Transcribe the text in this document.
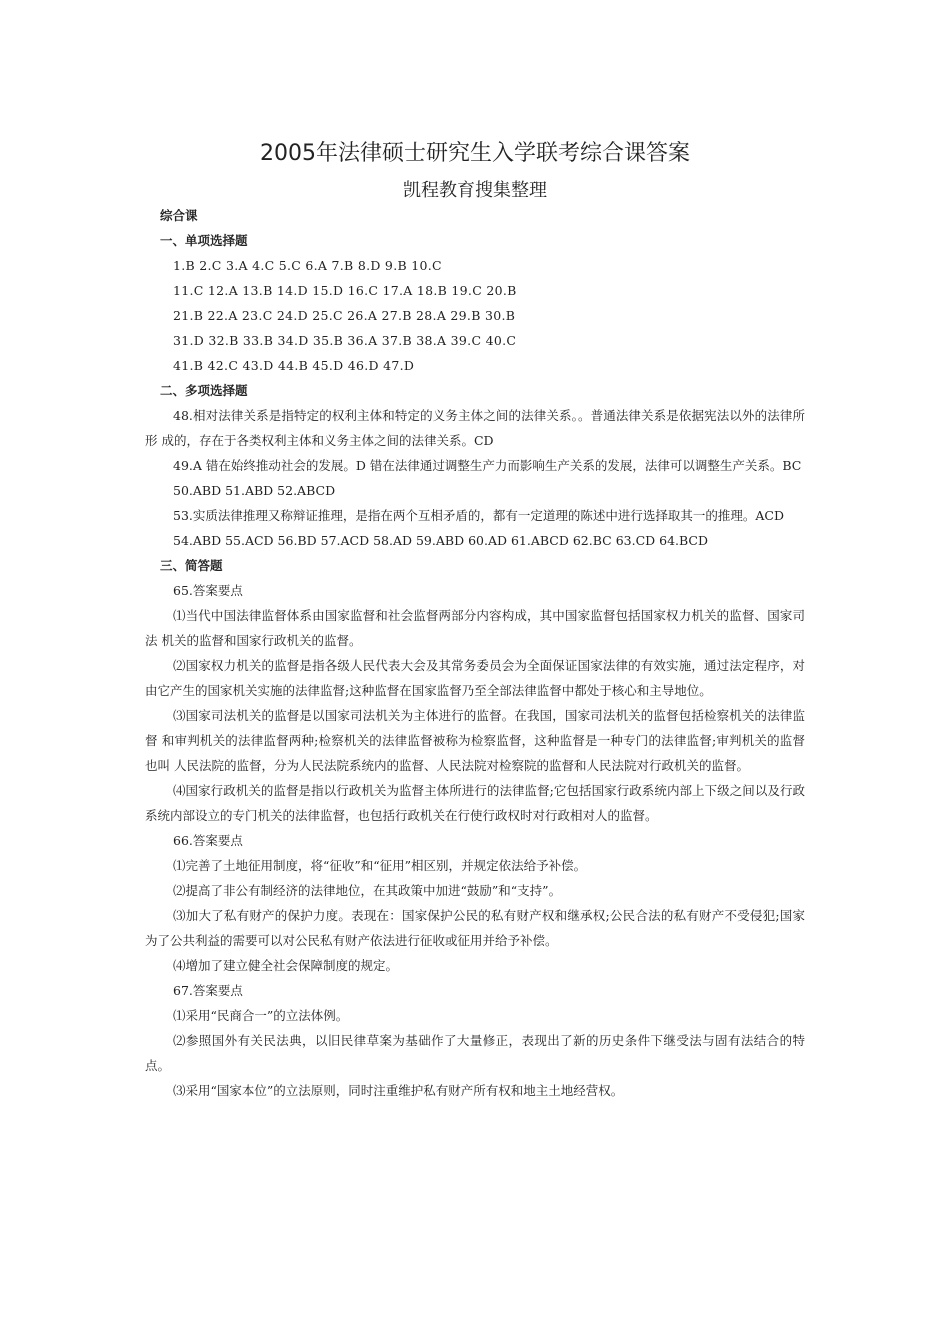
2005年法律硕士研究生入学联考综合课答案
凯程教育搜集整理
综合课
一、单项选择题
1.B 2.C 3.A 4.C 5.C 6.A 7.B 8.D 9.B 10.C
11.C 12.A 13.B 14.D 15.D 16.C 17.A 18.B 19.C 20.B
21.B 22.A 23.C 24.D 25.C 26.A 27.B 28.A 29.B 30.B
31.D 32.B 33.B 34.D 35.B 36.A 37.B 38.A 39.C 40.C
41.B 42.C 43.D 44.B 45.D 46.D 47.D
二、多项选择题
48.相对法律关系是指特定的权利主体和特定的义务主体之间的法律关系。。普通法律关系是依据宪法以外的法律所形 成的，存在于各类权利主体和义务主体之间的法律关系。CD
49.A 错在始终推动社会的发展。D 错在法律通过调整生产力而影响生产关系的发展，法律可以调整生产关系。BC
50.ABD 51.ABD 52.ABCD
53.实质法律推理又称辩证推理，是指在两个互相矛盾的，都有一定道理的陈述中进行选择取其一的推理。ACD
54.ABD 55.ACD 56.BD 57.ACD 58.AD 59.ABD 60.AD 61.ABCD 62.BC 63.CD 64.BCD
三、简答题
65.答案要点
⑴当代中国法律监督体系由国家监督和社会监督两部分内容构成，其中国家监督包括国家权力机关的监督、国家司法 机关的监督和国家行政机关的监督。
⑵国家权力机关的监督是指各级人民代表大会及其常务委员会为全面保证国家法律的有效实施，通过法定程序，对由它产生的国家机关实施的法律监督;这种监督在国家监督乃至全部法律监督中都处于核心和主导地位。
⑶国家司法机关的监督是以国家司法机关为主体进行的监督。在我国，国家司法机关的监督包括检察机关的法律监督 和审判机关的法律监督两种;检察机关的法律监督被称为检察监督，这种监督是一种专门的法律监督;审判机关的监督也叫 人民法院的监督，分为人民法院系统内的监督、人民法院对检察院的监督和人民法院对行政机关的监督。
⑷国家行政机关的监督是指以行政机关为监督主体所进行的法律监督;它包括国家行政系统内部上下级之间以及行政 系统内部设立的专门机关的法律监督，也包括行政机关在行使行政权时对行政相对人的监督。
66.答案要点
⑴完善了土地征用制度，将“征收”和“征用”相区别，并规定依法给予补偿。
⑵提高了非公有制经济的法律地位，在其政策中加进“鼓励”和“支持”。
⑶加大了私有财产的保护力度。表现在：国家保护公民的私有财产权和继承权;公民合法的私有财产不受侵犯;国家 为了公共利益的需要可以对公民私有财产依法进行征收或征用并给予补偿。
⑷增加了建立健全社会保障制度的规定。
67.答案要点
⑴采用“民商合一”的立法体例。
⑵参照国外有关民法典，以旧民律草案为基础作了大量修正，表现出了新的历史条件下继受法与固有法结合的特点。
⑶采用“国家本位”的立法原则，同时注重维护私有财产所有权和地主土地经营权。
